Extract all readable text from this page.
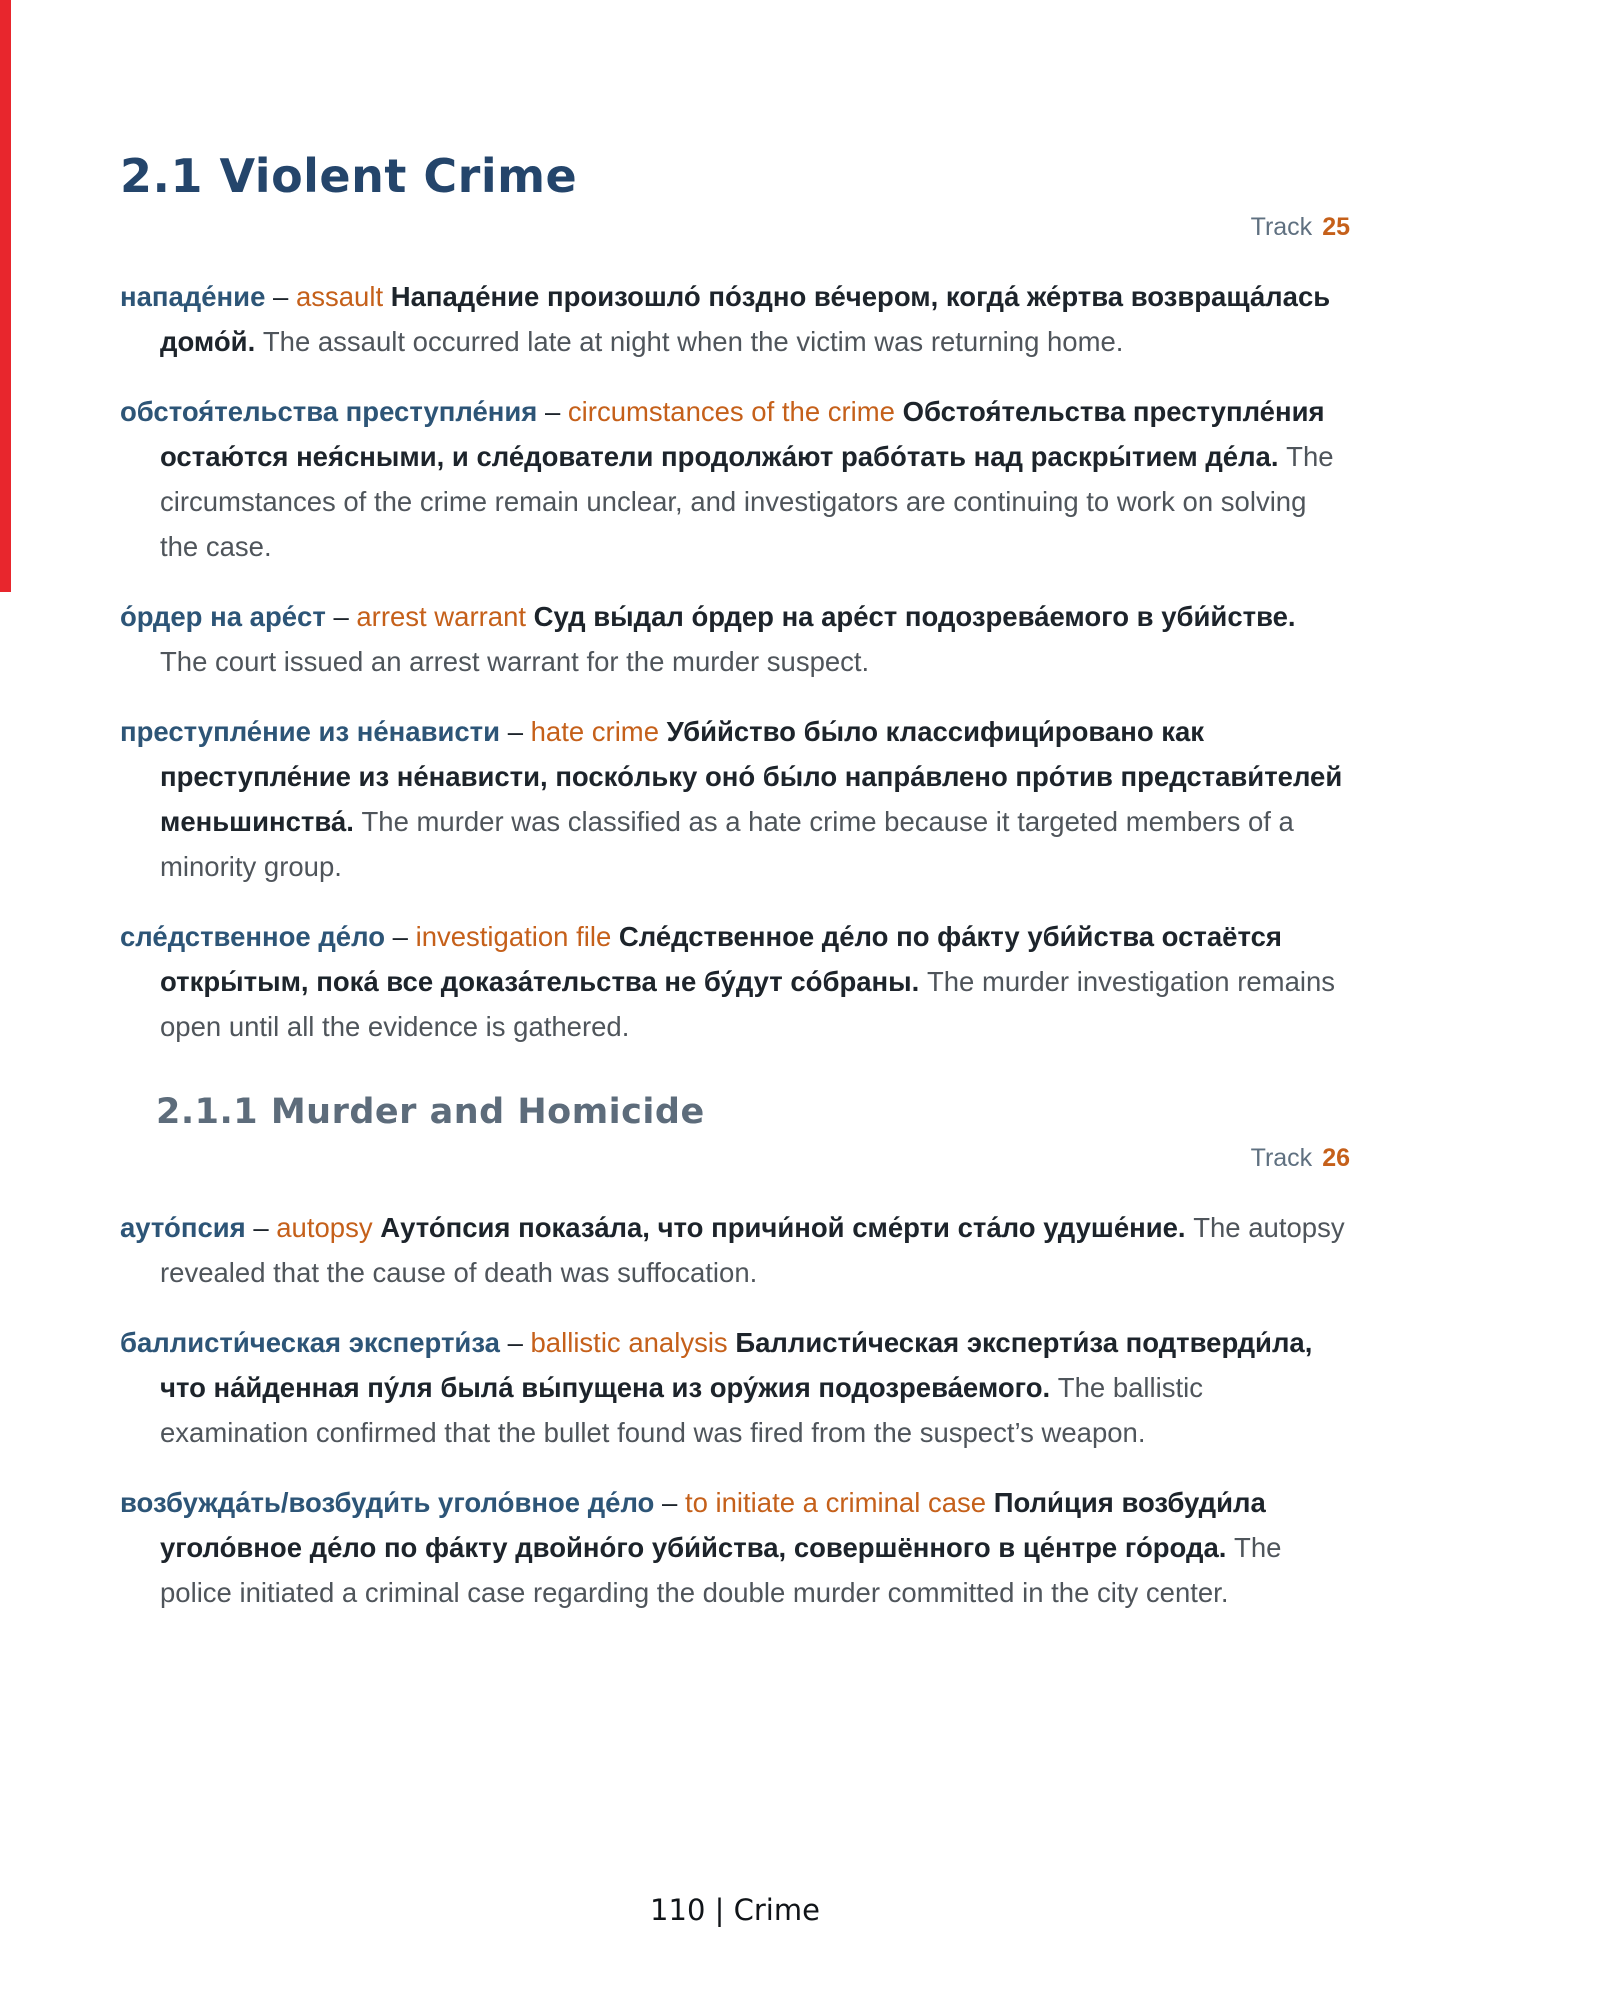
2.1 Violent Crime
Track 25

нападе́ние – assault Нападе́ние произошло́ по́здно ве́чером, когда́ же́ртва возвраща́лась домо́й. The assault occurred late at night when the victim was returning home.

обстоя́тельства преступле́ния – circumstances of the crime Обстоя́тельства преступле́ния остаю́тся нея́сными, и сле́дователи продолжа́ют рабо́тать над раскры́тием де́ла. The circumstances of the crime remain unclear, and investigators are continuing to work on solving the case.

о́рдер на аре́ст – arrest warrant Суд вы́дал о́рдер на аре́ст подозрева́емого в уби́йстве. The court issued an arrest warrant for the murder suspect.

преступле́ние из не́нависти – hate crime Уби́йство бы́ло классифици́ровано как преступле́ние из не́нависти, поско́льку оно́ бы́ло напра́влено про́тив представи́телей меньшинства́. The murder was classified as a hate crime because it targeted members of a minority group.

сле́дственное де́ло – investigation file Сле́дственное де́ло по фа́кту уби́йства остаётся откры́тым, пока́ все доказа́тельства не бу́дут со́браны. The murder investigation remains open until all the evidence is gathered.

2.1.1 Murder and Homicide
Track 26

ауто́псия – autopsy Ауто́псия показа́ла, что причи́ной сме́рти ста́ло удуше́ние. The autopsy revealed that the cause of death was suffocation.

баллисти́ческая эксперти́за – ballistic analysis Баллисти́ческая эксперти́за подтверди́ла, что на́йденная пу́ля была́ вы́пущена из ору́жия подозрева́емого. The ballistic examination confirmed that the bullet found was fired from the suspect’s weapon.

возбужда́ть/возбуди́ть уголо́вное де́ло – to initiate a criminal case Поли́ция возбуди́ла уголо́вное де́ло по фа́кту двойно́го уби́йства, совершённого в це́нтре го́рода. The police initiated a criminal case regarding the double murder committed in the city center.

110 | Crime
